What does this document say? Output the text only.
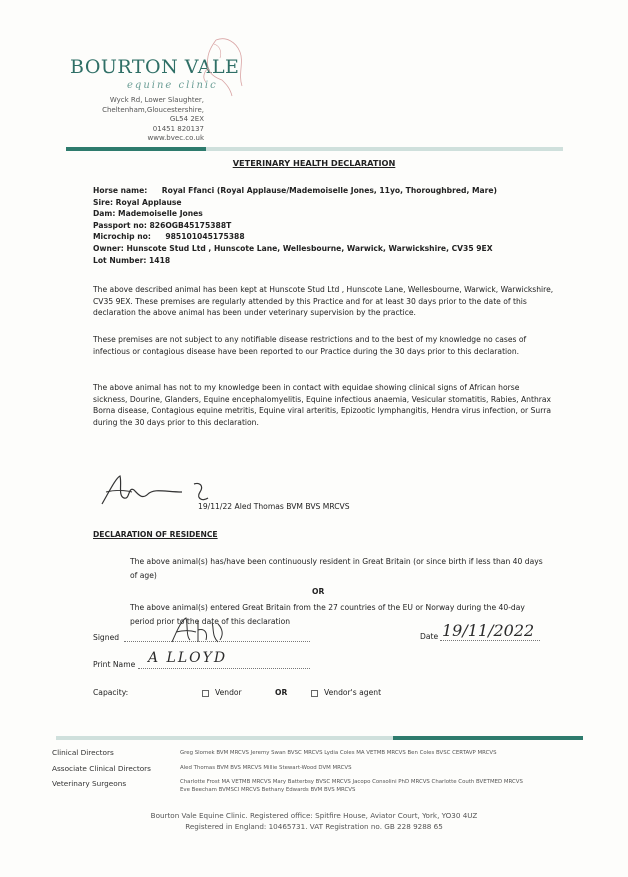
BOURTON VALE
equine clinic
Wyck Rd, Lower Slaughter,
Cheltenham,Gloucestershire,
GL54 2EX
01451 820137
www.bvec.co.uk
VETERINARY HEALTH DECLARATION
Horse name: Royal Ffanci (Royal Applause/Mademoiselle Jones, 11yo, Thoroughbred, Mare)
Sire: Royal Applause
Dam: Mademoiselle Jones
Passport no: 826OGB45175388T
Microchip no: 985101045175388
Owner: Hunscote Stud Ltd , Hunscote Lane, Wellesbourne, Warwick, Warwickshire, CV35 9EX
Lot Number: 1418
The above described animal has been kept at Hunscote Stud Ltd , Hunscote Lane, Wellesbourne, Warwick, Warwickshire, CV35 9EX. These premises are regularly attended by this Practice and for at least 30 days prior to the date of this declaration the above animal has been under veterinary supervision by the practice.
These premises are not subject to any notifiable disease restrictions and to the best of my knowledge no cases of infectious or contagious disease have been reported to our Practice during the 30 days prior to this declaration.
The above animal has not to my knowledge been in contact with equidae showing clinical signs of African horse sickness, Dourine, Glanders, Equine encephalomyelitis, Equine infectious anaemia, Vesicular stomatitis, Rabies, Anthrax Borna disease, Contagious equine metritis, Equine viral arteritis, Epizootic lymphangitis, Hendra virus infection, or Surra during the 30 days prior to this declaration.
19/11/22 Aled Thomas BVM BVS MRCVS
DECLARATION OF RESIDENCE
The above animal(s) has/have been continuously resident in Great Britain (or since birth if less than 40 days of age)
OR
The above animal(s) entered Great Britain from the 27 countries of the EU or Norway during the 40-day period prior to the date of this declaration
Signed	Date 19/11/2022
Print Name A LLOYD
Capacity:	Vendor	OR	Vendor's agent
Clinical Directors	Greg Slomek BVM MRCVS Jeremy Swan BVSC MRCVS Lydia Coles MA VETMB MRCVS Ben Coles BVSC CERTAVP MRCVS
Associate Clinical Directors	Aled Thomas BVM BVS MRCVS Millie Stewart-Wood DVM MRCVS
Veterinary Surgeons	Charlotte Frost MA VETMB MRCVS Mary Batterbsy BVSC MRCVS Jacopo Consolini PhD MRCVS Charlotte Couth BVETMED MRCVS
Eve Beecham BVMSCI MRCVS Bethany Edwards BVM BVS MRCVS
Bourton Vale Equine Clinic. Registered office: Spitfire House, Aviator Court, York, YO30 4UZ
Registered in England: 10465731. VAT Registration no. GB 228 9288 65
